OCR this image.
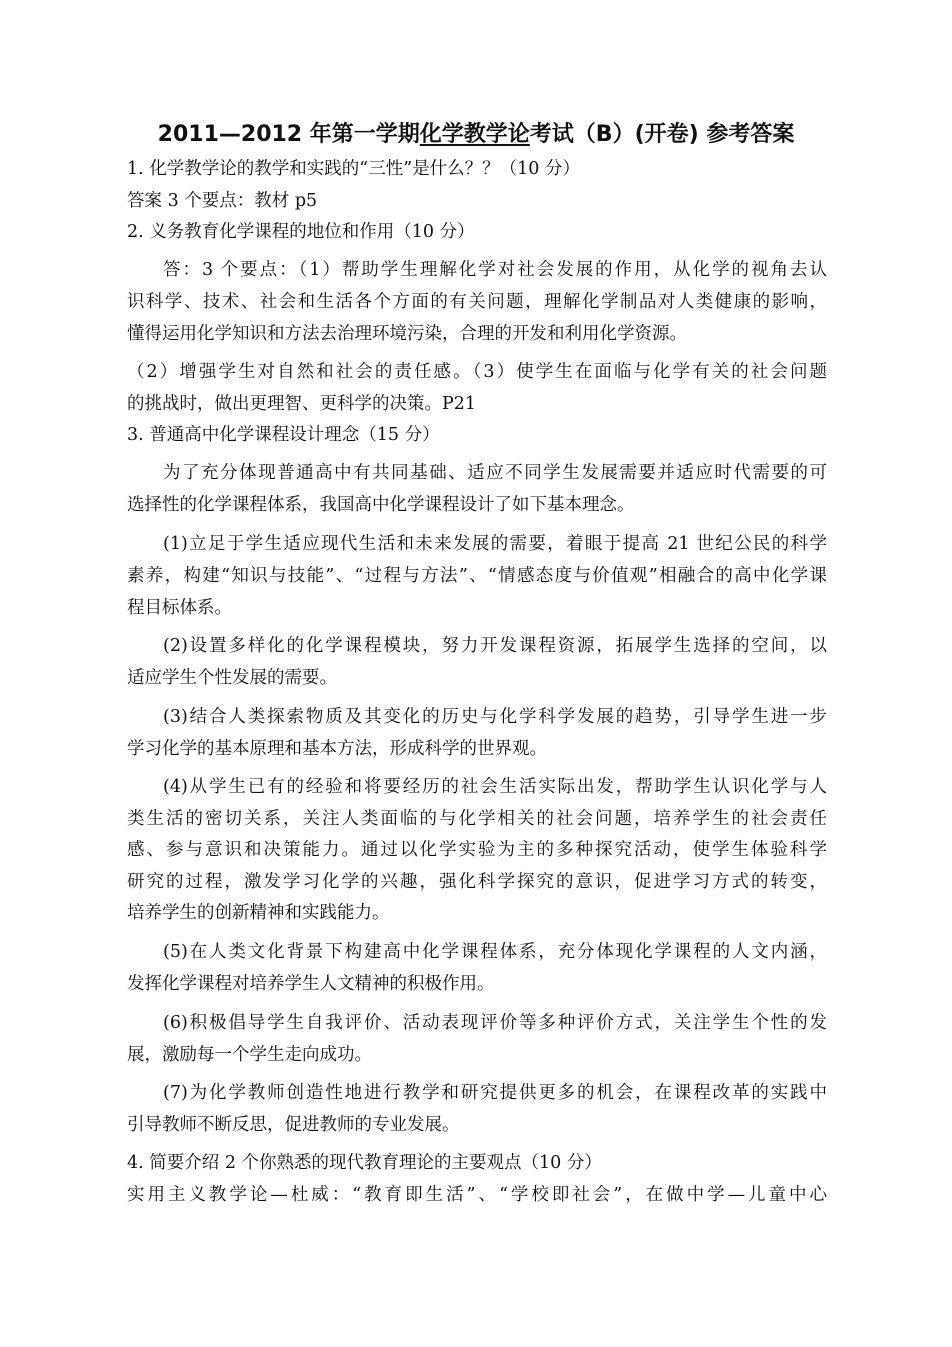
2011—2012 年第一学期化学教学论考试（B）(开卷) 参考答案
1. 化学教学论的教学和实践的“三性”是什么？？（10 分）
答案 3 个要点：教材 p5
2. 义务教育化学课程的地位和作用（10 分）
答：3 个要点：（1）帮助学生理解化学对社会发展的作用，从化学的视角去认
识科学、技术、社会和生活各个方面的有关问题，理解化学制品对人类健康的影响，
懂得运用化学知识和方法去治理环境污染，合理的开发和利用化学资源。
（2）增强学生对自然和社会的责任感。（3）使学生在面临与化学有关的社会问题
的挑战时，做出更理智、更科学的决策。P21
3. 普通高中化学课程设计理念（15 分）
为了充分体现普通高中有共同基础、适应不同学生发展需要并适应时代需要的可
选择性的化学课程体系，我国高中化学课程设计了如下基本理念。
(1)立足于学生适应现代生活和未来发展的需要，着眼于提高 21 世纪公民的科学
素养，构建“知识与技能”、“过程与方法”、“情感态度与价值观”相融合的高中化学课
程目标体系。
(2)设置多样化的化学课程模块，努力开发课程资源，拓展学生选择的空间，以
适应学生个性发展的需要。
(3)结合人类探索物质及其变化的历史与化学科学发展的趋势，引导学生进一步
学习化学的基本原理和基本方法，形成科学的世界观。
(4)从学生已有的经验和将要经历的社会生活实际出发，帮助学生认识化学与人
类生活的密切关系，关注人类面临的与化学相关的社会问题，培养学生的社会责任
感、参与意识和决策能力。通过以化学实验为主的多种探究活动，使学生体验科学
研究的过程，激发学习化学的兴趣，强化科学探究的意识，促进学习方式的转变，
培养学生的创新精神和实践能力。
(5)在人类文化背景下构建高中化学课程体系，充分体现化学课程的人文内涵，
发挥化学课程对培养学生人文精神的积极作用。
(6)积极倡导学生自我评价、活动表现评价等多种评价方式，关注学生个性的发
展，激励每一个学生走向成功。
(7)为化学教师创造性地进行教学和研究提供更多的机会，在课程改革的实践中
引导教师不断反思，促进教师的专业发展。
4. 简要介绍 2 个你熟悉的现代教育理论的主要观点（10 分）
实用主义教学论—杜威：“教育即生活”、“学校即社会”，在做中学—儿童中心
